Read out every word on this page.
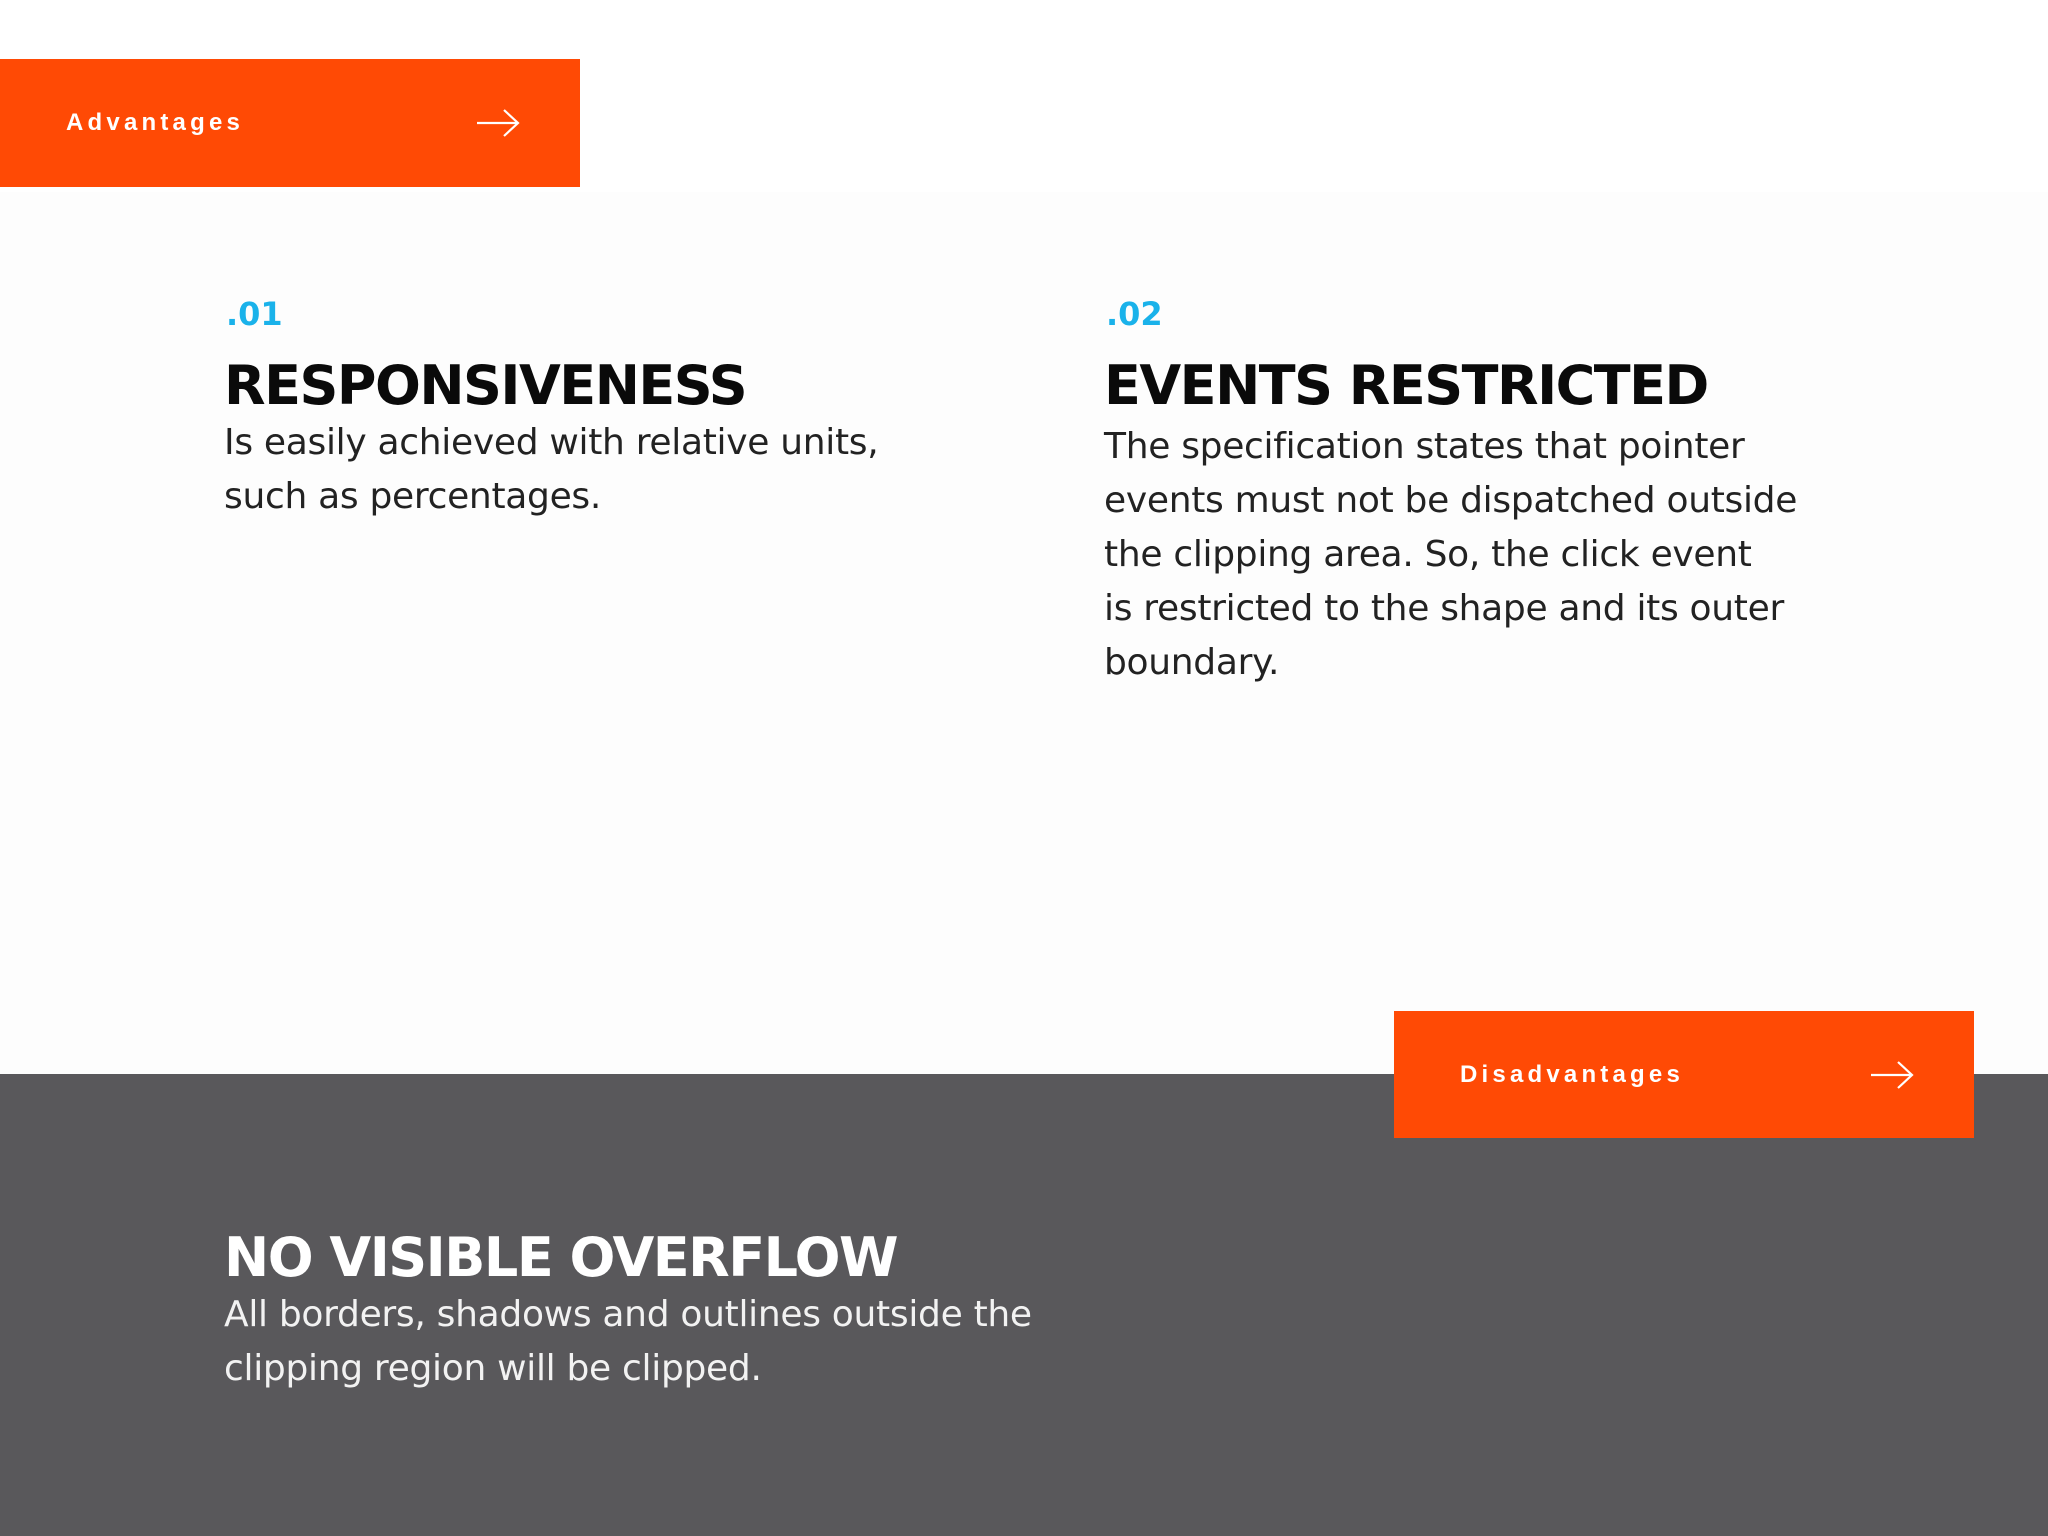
Advantages
.01
RESPONSIVENESS
Is easily achieved with relative units,
such as percentages.
.02
EVENTS RESTRICTED
The specification states that pointer
events must not be dispatched outside
the clipping area. So, the click event
is restricted to the shape and its outer
boundary.
Disadvantages
NO VISIBLE OVERFLOW
All borders, shadows and outlines outside the
clipping region will be clipped.
